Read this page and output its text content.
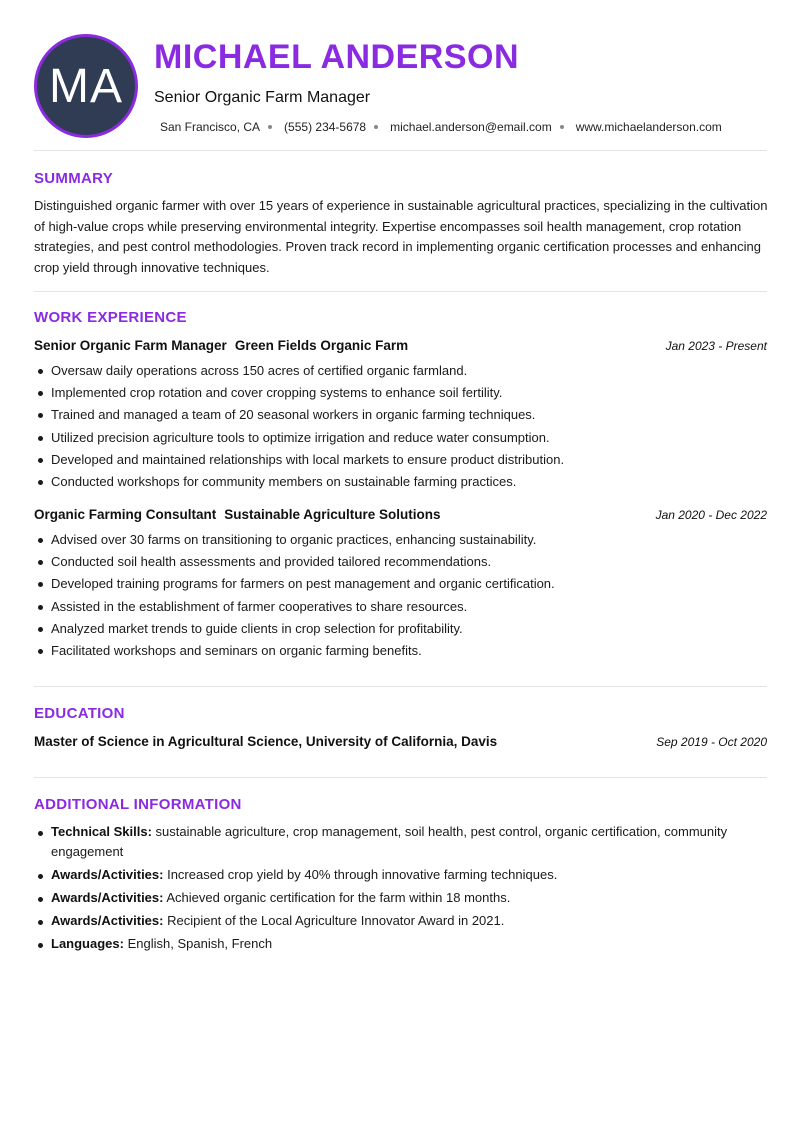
MA
MICHAEL ANDERSON
Senior Organic Farm Manager
San Francisco, CA (555) 234-5678 michael.anderson@email.com www.michaelanderson.com
SUMMARY

Distinguished organic farmer with over 15 years of experience in sustainable agricultural practices, specializing in the cultivation of high-value crops while preserving environmental integrity. Expertise encompasses soil health management, crop rotation strategies, and pest control methodologies. Proven track record in implementing organic certification processes and enhancing crop yield through innovative techniques.

WORK EXPERIENCE
Senior Organic Farm Manager Green Fields Organic Farm	Jan 2023 - Present
Oversaw daily operations across 150 acres of certified organic farmland.
Implemented crop rotation and cover cropping systems to enhance soil fertility.
Trained and managed a team of 20 seasonal workers in organic farming techniques.
Utilized precision agriculture tools to optimize irrigation and reduce water consumption.
Developed and maintained relationships with local markets to ensure product distribution.
Conducted workshops for community members on sustainable farming practices.
Organic Farming Consultant Sustainable Agriculture Solutions	Jan 2020 - Dec 2022
Advised over 30 farms on transitioning to organic practices, enhancing sustainability.
Conducted soil health assessments and provided tailored recommendations.
Developed training programs for farmers on pest management and organic certification.
Assisted in the establishment of farmer cooperatives to share resources.
Analyzed market trends to guide clients in crop selection for profitability.
Facilitated workshops and seminars on organic farming benefits.
EDUCATION
Master of Science in Agricultural Science, University of California, Davis	Sep 2019 - Oct 2020
ADDITIONAL INFORMATION
Technical Skills: sustainable agriculture, crop management, soil health, pest control, organic certification, community engagement
Awards/Activities: Increased crop yield by 40% through innovative farming techniques.
Awards/Activities: Achieved organic certification for the farm within 18 months.
Awards/Activities: Recipient of the Local Agriculture Innovator Award in 2021.
Languages: English, Spanish, French
